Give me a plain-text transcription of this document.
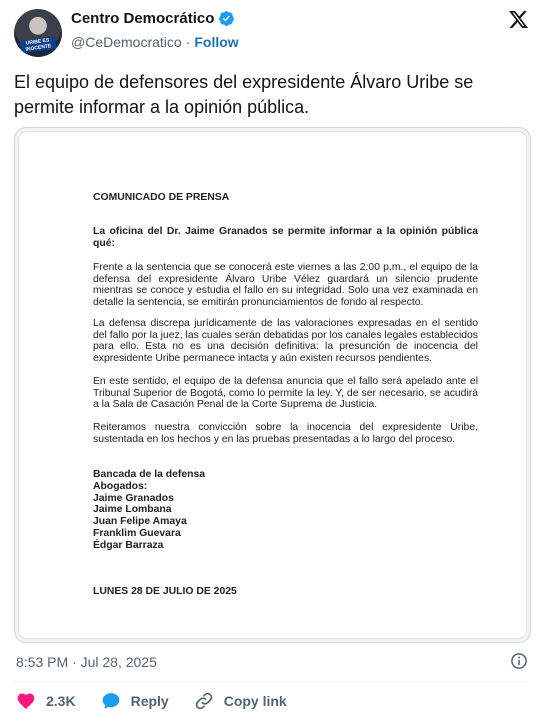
URIBE ES INOCENTE
Centro Democrático
@CeDemocratico · Follow
El equipo de defensores del expresidente Álvaro Uribe se permite informar a la opinión pública.
COMUNICADO DE PRENSA
La oficina del Dr. Jaime Granados se permite informar a la opinión pública qué:
Frente a la sentencia que se conocerá este viernes a las 2:00 p.m., el equipo de la defensa del expresidente Álvaro Uribe Vélez guardará un silencio prudente mientras se conoce y estudia el fallo en su integridad. Solo una vez examinada en detalle la sentencia, se emitirán pronunciamientos de fondo al respecto.
La defensa discrepa jurídicamente de las valoraciones expresadas en el sentido del fallo por la juez, las cuales serán debatidas por los canales legales establecidos para ello. Esta no es una decisión definitiva: la presunción de inocencia del expresidente Uribe permanece intacta y aún existen recursos pendientes.
En este sentido, el equipo de la defensa anuncia que el fallo será apelado ante el Tribunal Superior de Bogotá, como lo permite la ley. Y, de ser necesario, se acudirá a la Sala de Casación Penal de la Corte Suprema de Justicia.
Reiteramos nuestra convicción sobre la inocencia del expresidente Uribe, sustentada en los hechos y en las pruebas presentadas a lo largo del proceso.
Bancada de la defensa
Abogados:
Jaime Granados
Jaime Lombana
Juan Felipe Amaya
Franklim Guevara
Édgar Barraza
LUNES 28 DE JULIO DE 2025
8:53 PM · Jul 28, 2025
2.3K	Reply	Copy link
